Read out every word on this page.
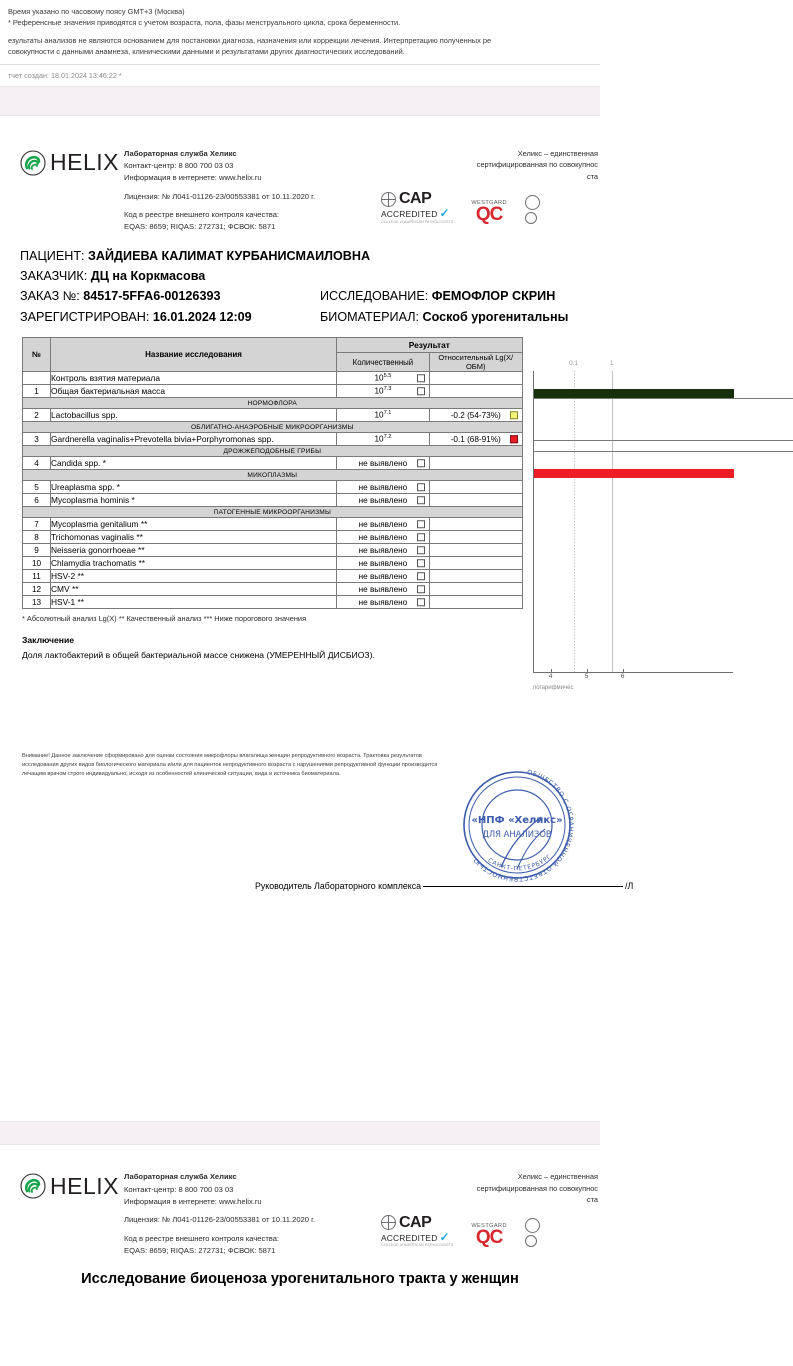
Время указано по часовому поясу GMT+3 (Москва)
* Референсные значения приводятся с учетом возраста, пола, фазы менструального цикла, срока беременности.
езультаты анализов не являются основанием для постановки диагноза, назначения или коррекции лечения. Интерпретацию полученных ре
совокупности с данными анамнеза, клиническими данными и результатами других диагностических исследований.
тчет создан: 18.01.2024 13:46:22 *
HELIX Лабораторная служба Хеликс
Контакт-центр: 8 800 700 03 03
Информация в интернете: www.helix.ru
Лицензия: № Л041-01126-23/00553381 от 10.11.2020 г.
Код в реестре внешнего контроля качества:
EQAS: 8659; RIQAS: 272731; ФСВОК: 5871
Хеликс – единственная
сертифицированная по совокупнос
ста
CAP
ACCREDITED ✓
COLLEGE of AMERICAN PATHOLOGISTS
WESTGARD
QC
ПАЦИЕНТ: ЗАЙДИЕВА КАЛИМАТ КУРБАНИСМАИЛОВНА
ЗАКАЗЧИК: ДЦ на Коркмасова
ЗАКАЗ №: 84517-5FFA6-00126393	ИССЛЕДОВАНИЕ: ФЕМОФЛОР СКРИН
ЗАРЕГИСТРИРОВАН: 16.01.2024 12:09	БИОМАТЕРИАЛ: Соскоб урогенитальны
№	Название исследования	Результат	
		Количественный	Относительный Lg(X/ОБМ)
	Контроль взятия материала	$10^{5.5}$

1	Общая бактериальная масса	$10^{7.3}$

НОРМОФЛОРА			
2	Lactobacillus spp.	$10^{7.1}$	-0.2 (54-73%)

ОБЛИГАТНО-АНАЭРОБНЫЕ МИКРООРГАНИЗМЫ			
3	Gardnerella vaginalis+Prevotella bivia+Porphyromonas spp.	$10^{7.2}$	-0.1 (68-91%)

ДРОЖЖЕПОДОБНЫЕ ГРИБЫ			
4	Candida spp. *	не выявлено

МИКОПЛАЗМЫ			
5	Ureaplasma spp. *	не выявлено

6	Mycoplasma hominis *	не выявлено

ПАТОГЕННЫЕ МИКРООРГАНИЗМЫ			
7	Mycoplasma genitalium **	не выявлено

8	Trichomonas vaginalis **	не выявлено

9	Neisseria gonorrhoeae **	не выявлено

10	Chlamydia trachomatis **	не выявлено

11	HSV-2 **	не выявлено

12	CMV **	не выявлено

13	HSV-1 **	не выявлено

0.1	1
4	5	6
логарифмичес
* Абсолютный анализ Lg(X) ** Качественный анализ *** Ниже порогового значения
Заключение
Доля лактобактерий в общей бактериальной массе снижена (УМЕРЕННЫЙ ДИСБИОЗ).
Внимание! Данное заключение сформировано для оценки состояния микрофлоры влагалища женщин репродуктивного возраста. Трактовка результатов
исследования других видов биологического материала и/или для пациенток непродуктивного возраста с нарушениями репродуктивной функции производится
лечащим врачом строго индивидуально, исходя из особенностей клинической ситуации, вида и источника биоматериала.
Руководитель Лабораторного комплекса	/Л
ОБЩЕСТВО С ОГРАНИЧЕННОЙ ОТВЕТСТВЕННОСТЬЮ САНКТ-ПЕТЕРБУРГ
«НПФ «Хеликс»
ДЛЯ АНАЛИЗОВ
HELIX Лабораторная служба Хеликс
Контакт-центр: 8 800 700 03 03
Информация в интернете: www.helix.ru
Лицензия: № Л041-01126-23/00553381 от 10.11.2020 г.
Код в реестре внешнего контроля качества:
EQAS: 8659; RIQAS: 272731; ФСВОК: 5871
Хеликс – единственная
сертифицированная по совокупнос
ста
CAP
ACCREDITED ✓
COLLEGE of AMERICAN PATHOLOGISTS
WESTGARD
QC
Исследование биоценоза урогенитального тракта у женщин
